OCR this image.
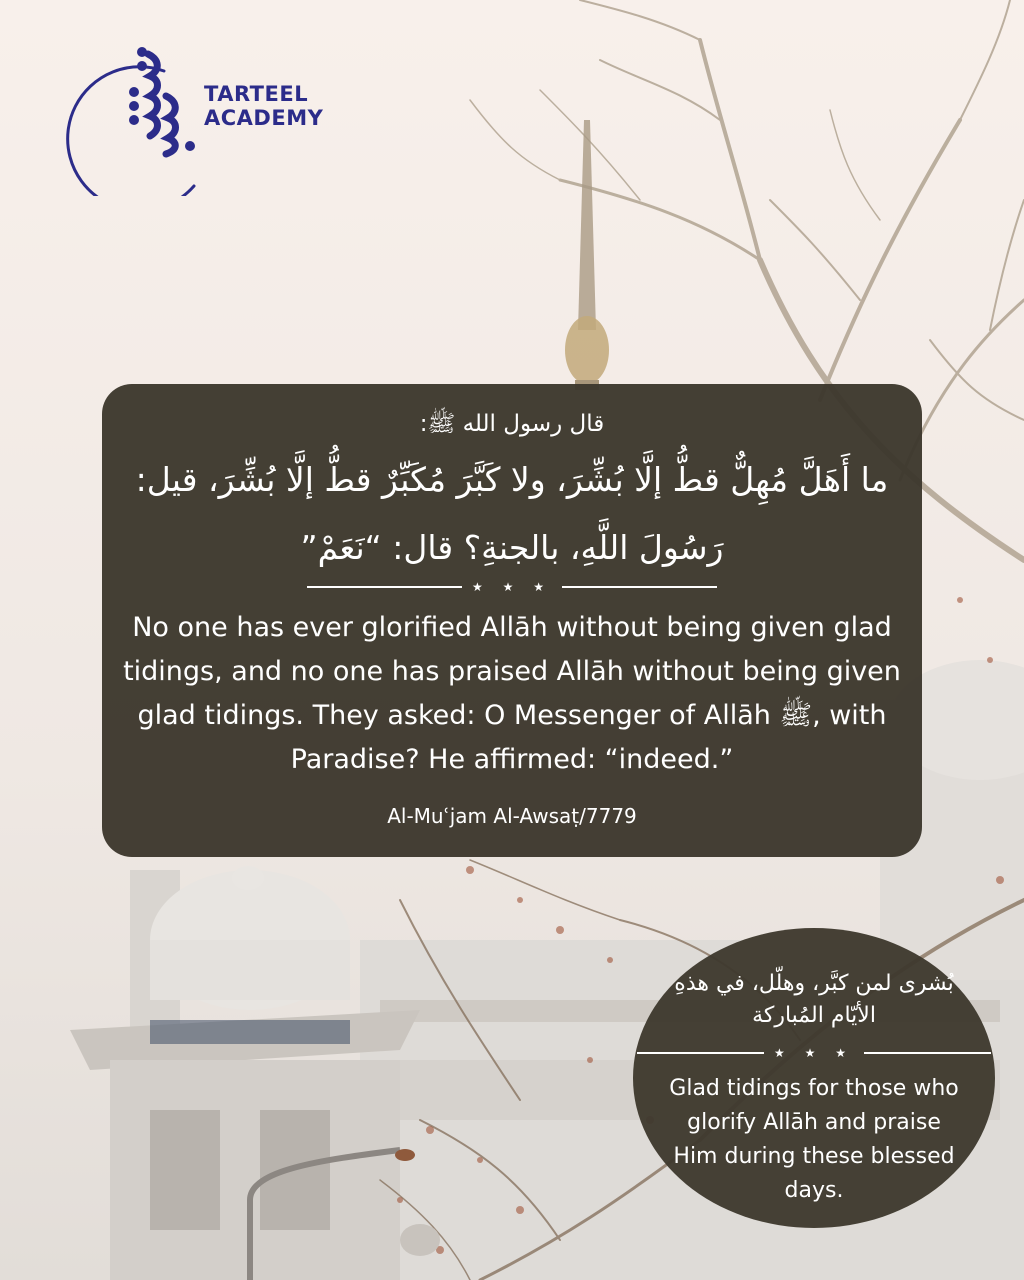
TARTEEL
ACADEMY
قال رسول الله ﷺ:
ما أَهَلَّ مُهِلٌّ قطُّ إلَّا بُشِّرَ، ولا كَبَّرَ مُكَبِّرٌ قطُّ إلَّا بُشِّرَ، قيل: رَسُولَ اللَّهِ، بالجنةِ؟ قال: “نَعَمْ”
★ ★ ★
No one has ever glorified Allāh without being given glad tidings, and no one has praised Allāh without being given glad tidings. They asked: O Messenger of Allāh ﷺ, with Paradise? He affirmed: “indeed.”
Al-Muʿjam Al-Awsaṭ/7779
بُشرى لمن كبَّر، وهلّل، في هذهِ الأيّام المُباركة
★ ★ ★
Glad tidings for those who glorify Allāh and praise Him during these blessed days.
